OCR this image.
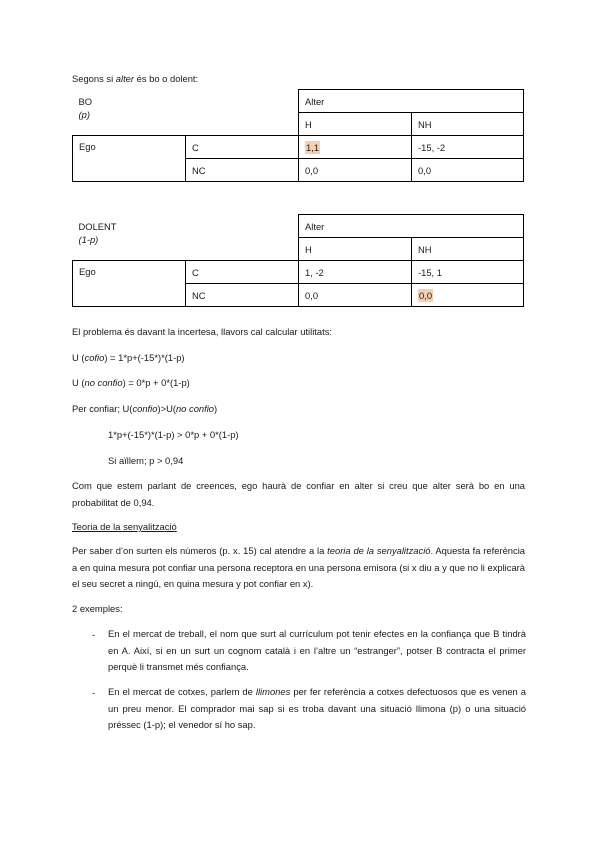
Segons si alter és bo o dolent:
BO
(p)		Alter	
		H	NH
Ego	C	1,1	-15, -2
	NC	0,0	0,0
DOLENT
(1-p)		Alter	
		H	NH
Ego	C	1, -2	-15, 1
	NC	0,0	0,0
El problema és davant la incertesa, llavors cal calcular utilitats:
U (cofio) = 1*p+(-15*)*(1-p)
U (no confio) = 0*p + 0*(1-p)
Per confiar; U(confio)>U(no confio)
1*p+(-15*)*(1-p) > 0*p + 0*(1-p)
Si aïllem; p > 0,94
Com que estem parlant de creences, ego haurà de confiar en alter si creu que alter serà bo en una probabilitat de 0,94.
Teoria de la senyalització
Per saber d’on surten els números (p. x. 15) cal atendre a la teoria de la senyalització. Aquesta fa referència a en quina mesura pot confiar una persona receptora en una persona emisora (si x diu a y que no li explicarà el seu secret a ningú, en quina mesura y pot confiar en x).
2 exemples:
- En el mercat de treball, el nom que surt al currículum pot tenir efectes en la confiança que B tindrà en A. Així, si en un surt un cognom català i en l’altre un “estranger”, potser B contracta el primer perquè li transmet més confiança.
- En el mercat de cotxes, parlem de llimones per fer referència a cotxes defectuosos que es venen a un preu menor. El comprador mai sap si es troba davant una situació llimona (p) o una situació préssec (1-p); el venedor sí ho sap.
